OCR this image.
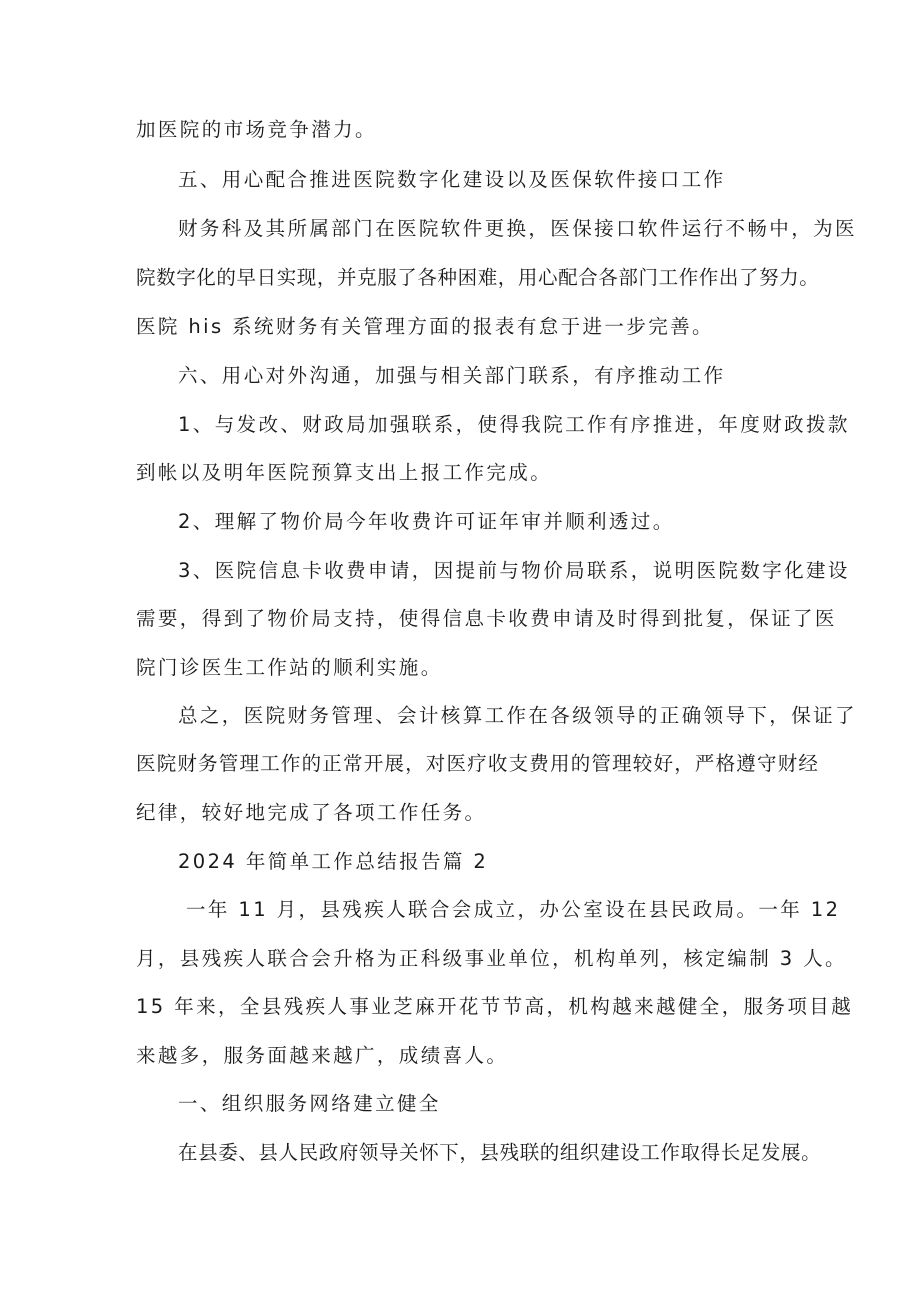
加医院的市场竞争潜力。
五、用心配合推进医院数字化建设以及医保软件接口工作
财务科及其所属部门在医院软件更换，医保接口软件运行不畅中，为医
院数字化的早日实现，并克服了各种困难，用心配合各部门工作作出了努力。
医院 his 系统财务有关管理方面的报表有怠于进一步完善。
六、用心对外沟通，加强与相关部门联系，有序推动工作
1、与发改、财政局加强联系，使得我院工作有序推进，年度财政拨款
到帐以及明年医院预算支出上报工作完成。
2、理解了物价局今年收费许可证年审并顺利透过。
3、医院信息卡收费申请，因提前与物价局联系，说明医院数字化建设
需要，得到了物价局支持，使得信息卡收费申请及时得到批复，保证了医
院门诊医生工作站的顺利实施。
总之，医院财务管理、会计核算工作在各级领导的正确领导下，保证了
医院财务管理工作的正常开展，对医疗收支费用的管理较好，严格遵守财经
纪律，较好地完成了各项工作任务。
2024 年简单工作总结报告篇 2
一年 11 月，县残疾人联合会成立，办公室设在县民政局。一年 12
月，县残疾人联合会升格为正科级事业单位，机构单列，核定编制 3 人。
15 年来，全县残疾人事业芝麻开花节节高，机构越来越健全，服务项目越
来越多，服务面越来越广，成绩喜人。
一、组织服务网络建立健全
在县委、县人民政府领导关怀下，县残联的组织建设工作取得长足发展。
